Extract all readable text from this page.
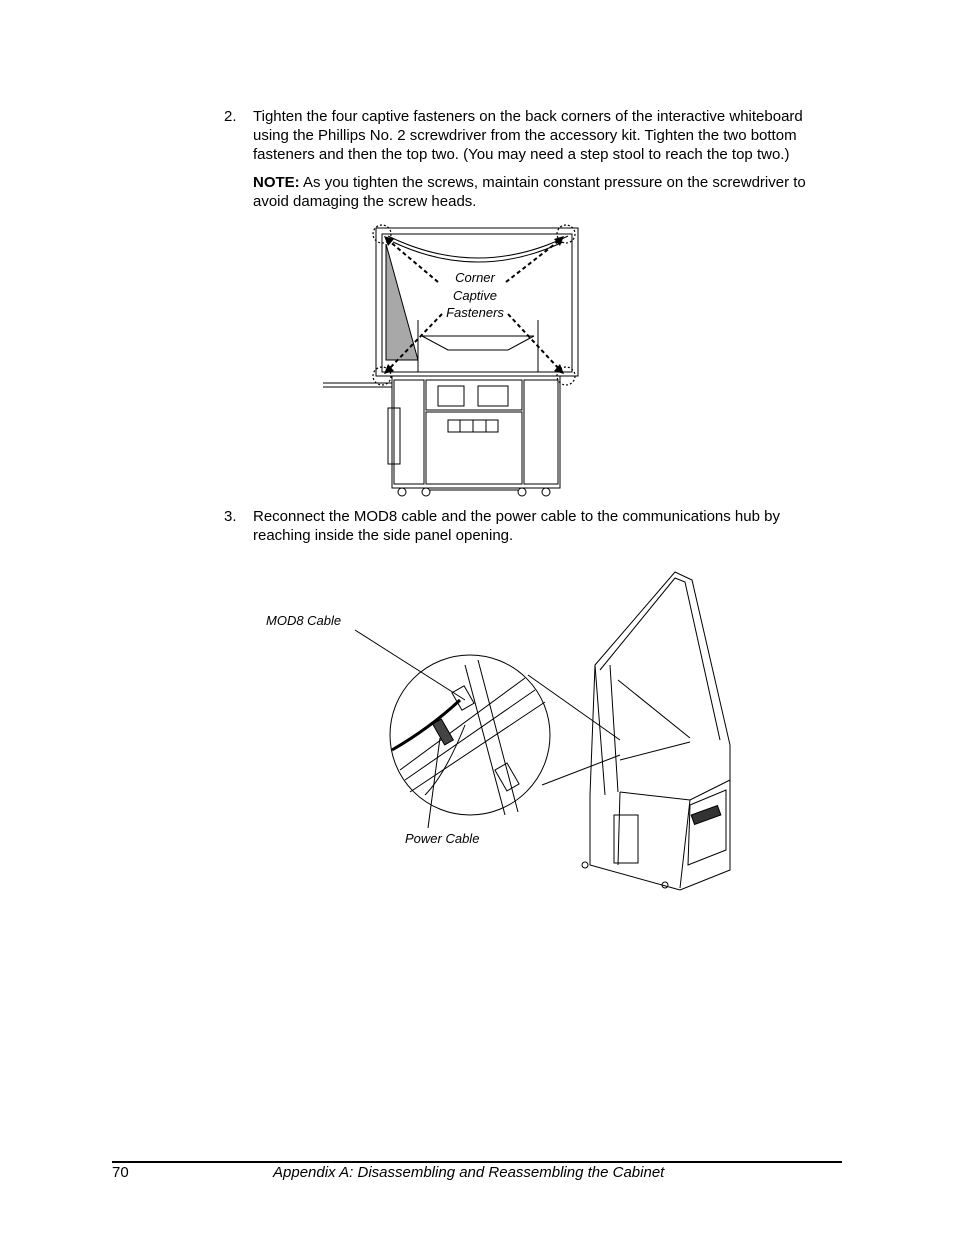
2. Tighten the four captive fasteners on the back corners of the interactive whiteboard using the Phillips No. 2 screwdriver from the accessory kit. Tighten the two bottom fasteners and then the top two. (You may need a step stool to reach the top two.)
NOTE: As you tighten the screws, maintain constant pressure on the screwdriver to avoid damaging the screw heads.
Corner
Captive
Fasteners
3. Reconnect the MOD8 cable and the power cable to the communications hub by reaching inside the side panel opening.
MOD8 Cable
Power Cable
70	Appendix A: Disassembling and Reassembling the Cabinet
